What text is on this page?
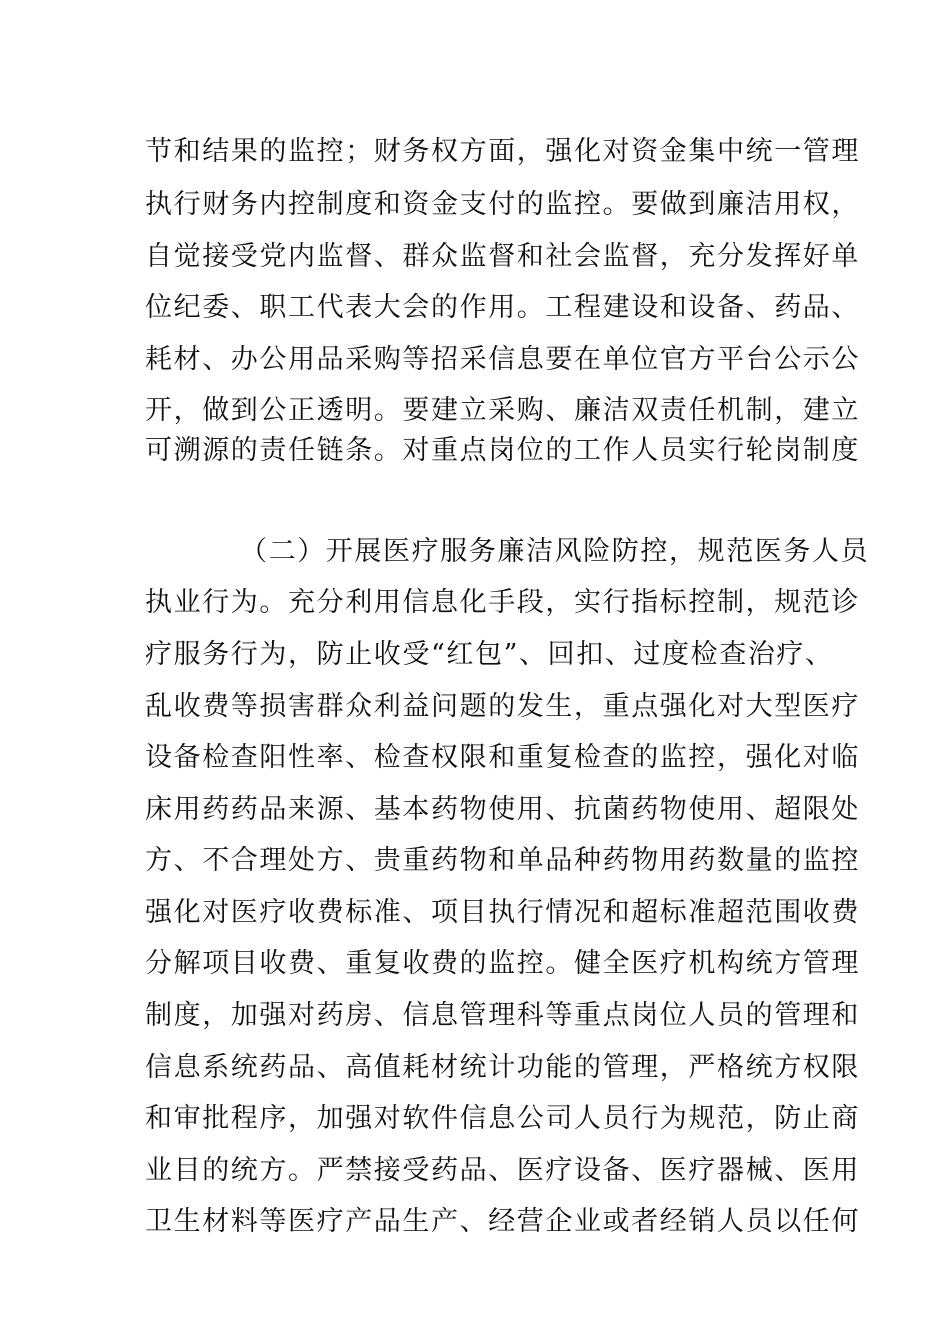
节和结果的监控；财务权方面，强化对资金集中统一管理
执行财务内控制度和资金支付的监控。要做到廉洁用权，
自觉接受党内监督、群众监督和社会监督，充分发挥好单
位纪委、职工代表大会的作用。工程建设和设备、药品、
耗材、办公用品采购等招采信息要在单位官方平台公示公
开，做到公正透明。要建立采购、廉洁双责任机制，建立
可溯源的责任链条。对重点岗位的工作人员实行轮岗制度
（二）开展医疗服务廉洁风险防控，规范医务人员
执业行为。充分利用信息化手段，实行指标控制，规范诊
疗服务行为，防止收受“红包”、回扣、过度检查治疗、
乱收费等损害群众利益问题的发生，重点强化对大型医疗
设备检查阳性率、检查权限和重复检查的监控，强化对临
床用药药品来源、基本药物使用、抗菌药物使用、超限处
方、不合理处方、贵重药物和单品种药物用药数量的监控
强化对医疗收费标准、项目执行情况和超标准超范围收费
分解项目收费、重复收费的监控。健全医疗机构统方管理
制度，加强对药房、信息管理科等重点岗位人员的管理和
信息系统药品、高值耗材统计功能的管理，严格统方权限
和审批程序，加强对软件信息公司人员行为规范，防止商
业目的统方。严禁接受药品、医疗设备、医疗器械、医用
卫生材料等医疗产品生产、经营企业或者经销人员以任何
